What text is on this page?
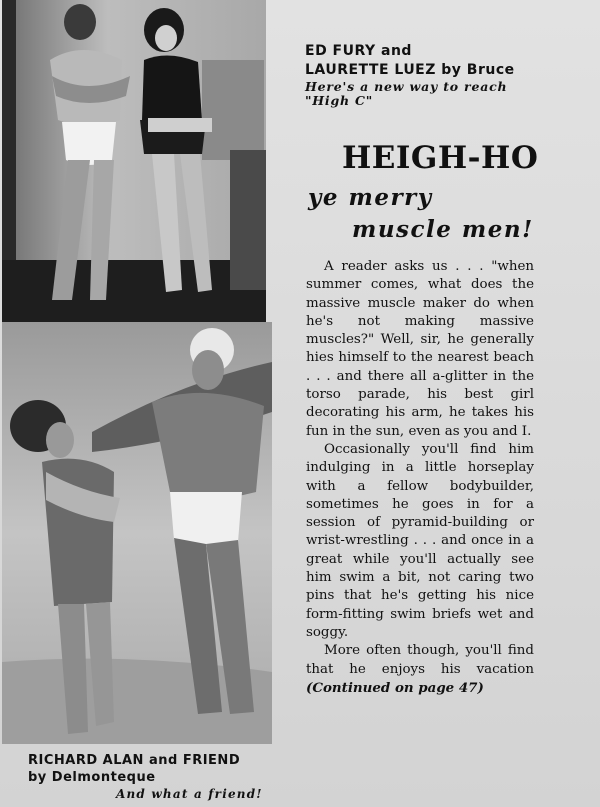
ED FURY and
LAURETTE LUEZ by Bruce
Here's a new way to reach
"High C"
HEIGH-HO
ye merry
muscle men!

A reader asks us . . . "when summer comes, what does the massive muscle maker do when he's not making massive muscles?" Well, sir, he generally hies himself to the nearest beach . . . and there all a-glitter in the torso parade, his best girl decorating his arm, he takes his fun in the sun, even as you and I.

Occasionally you'll find him indulging in a little horseplay with a fellow bodybuilder, sometimes he goes in for a session of pyramid-building or wrist-wrestling . . . and once in a great while you'll actually see him swim a bit, not caring two pins that he's getting his nice form-fitting swim briefs wet and soggy.

More often though, you'll find that he enjoys his vacation (Continued on page 47)

RICHARD ALAN and FRIEND
by Delmonteque
And what a friend!
